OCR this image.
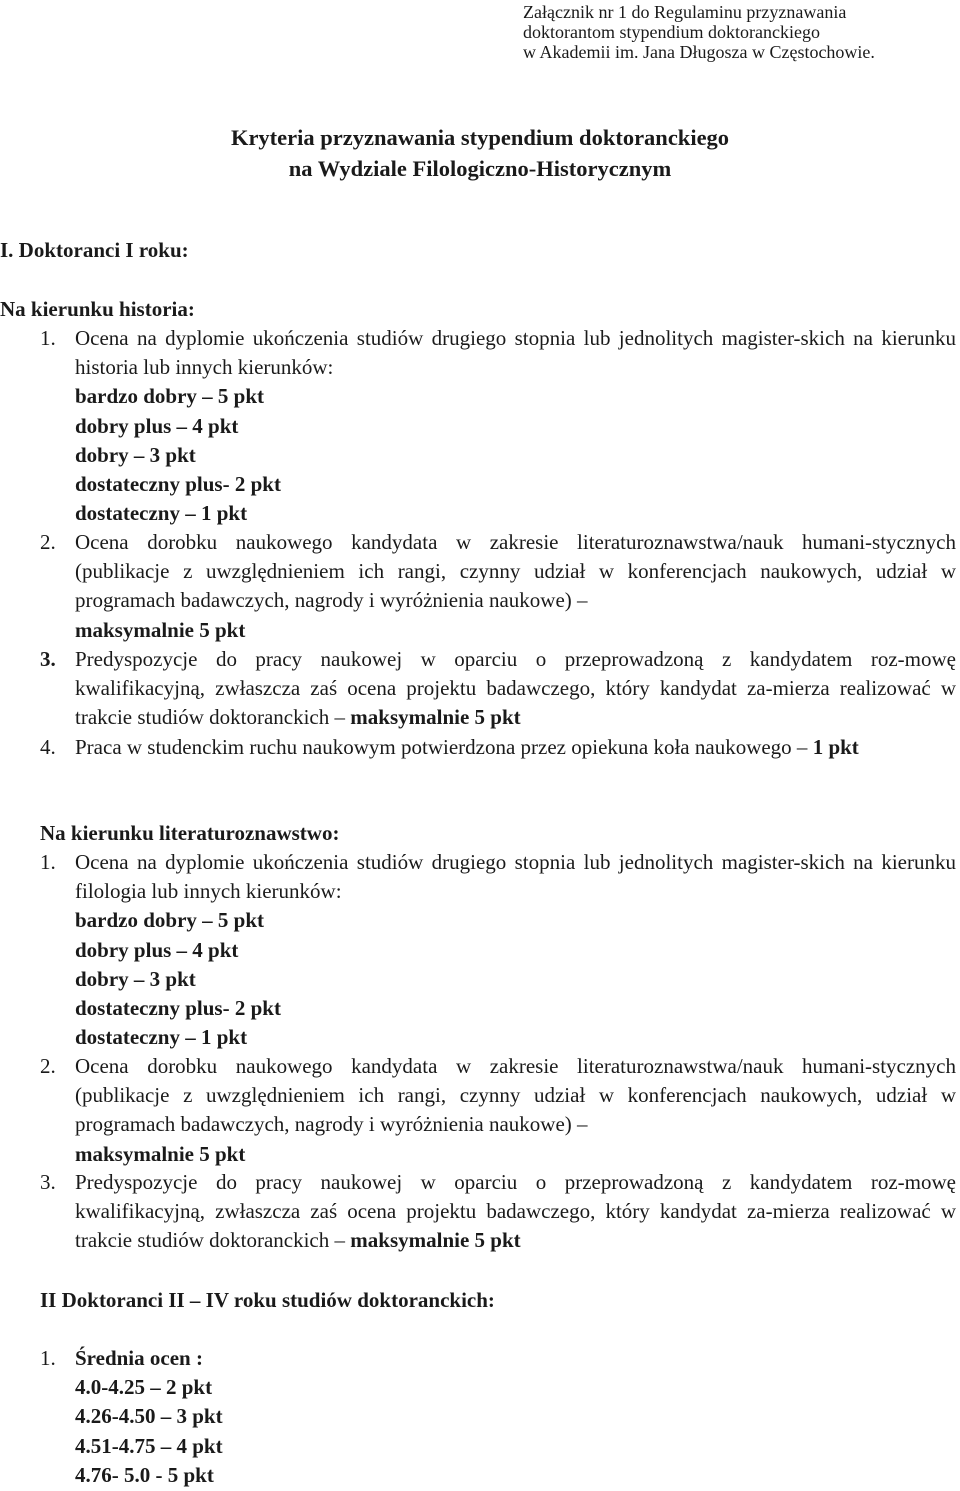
Załącznik nr 1 do Regulaminu przyznawania
doktorantom stypendium doktoranckiego
w Akademii im. Jana Długosza w Częstochowie.
Kryteria przyznawania stypendium doktoranckiego
na Wydziale Filologiczno-Historycznym
I. Doktoranci I roku:
Na kierunku historia:
1. Ocena na dyplomie ukończenia studiów drugiego stopnia lub jednolitych magister-skich na kierunku historia lub innych kierunków:
bardzo dobry – 5 pkt
dobry plus – 4 pkt
dobry – 3 pkt
dostateczny plus- 2 pkt
dostateczny – 1 pkt
2. Ocena dorobku naukowego kandydata w zakresie literaturoznawstwa/nauk humani-stycznych (publikacje z uwzględnieniem ich rangi, czynny udział w konferencjach naukowych, udział w programach badawczych, nagrody i wyróżnienia naukowe) –
maksymalnie 5 pkt
3. Predyspozycje do pracy naukowej w oparciu o przeprowadzoną z kandydatem roz-mowę kwalifikacyjną, zwłaszcza zaś ocena projektu badawczego, który kandydat za-mierza realizować w trakcie studiów doktoranckich – maksymalnie 5 pkt
4. Praca w studenckim ruchu naukowym potwierdzona przez opiekuna koła naukowego – 1 pkt
Na kierunku literaturoznawstwo:
1. Ocena na dyplomie ukończenia studiów drugiego stopnia lub jednolitych magister-skich na kierunku filologia lub innych kierunków:
bardzo dobry – 5 pkt
dobry plus – 4 pkt
dobry – 3 pkt
dostateczny plus- 2 pkt
dostateczny – 1 pkt
2. Ocena dorobku naukowego kandydata w zakresie literaturoznawstwa/nauk humani-stycznych (publikacje z uwzględnieniem ich rangi, czynny udział w konferencjach naukowych, udział w programach badawczych, nagrody i wyróżnienia naukowe) –
maksymalnie 5 pkt
3. Predyspozycje do pracy naukowej w oparciu o przeprowadzoną z kandydatem roz-mowę kwalifikacyjną, zwłaszcza zaś ocena projektu badawczego, który kandydat za-mierza realizować w trakcie studiów doktoranckich – maksymalnie 5 pkt
II Doktoranci II – IV roku studiów doktoranckich:
1. Średnia ocen :
4.0-4.25 – 2 pkt
4.26-4.50 – 3 pkt
4.51-4.75 – 4 pkt
4.76- 5.0 - 5 pkt
